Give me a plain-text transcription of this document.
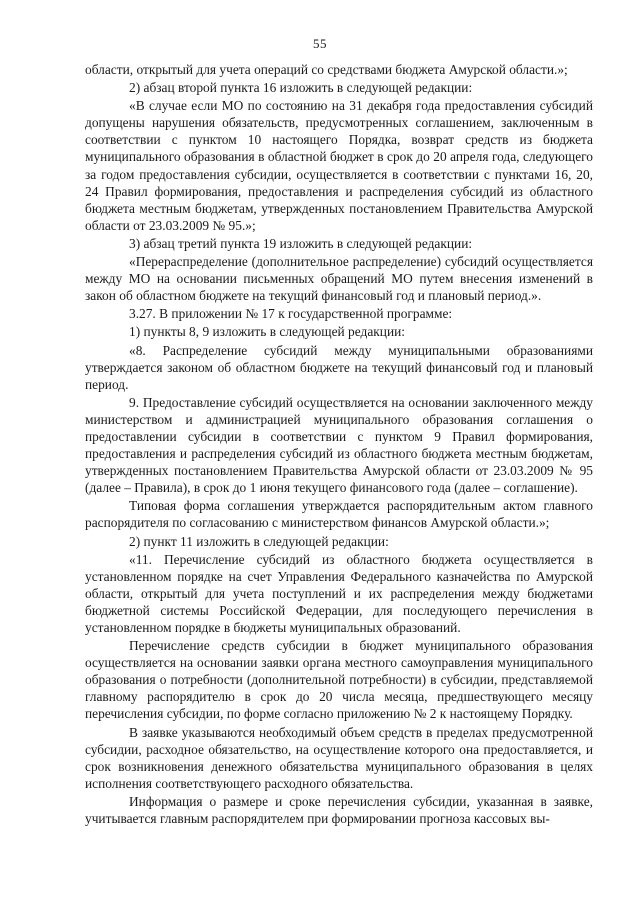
55

области, открытый для учета операций со средствами бюджета Амурской области.»;

2) абзац второй пункта 16 изложить в следующей редакции:

«В случае если МО по состоянию на 31 декабря года предоставления субсидий допущены нарушения обязательств, предусмотренных соглашением, заключенным в соответствии с пунктом 10 настоящего Порядка, возврат средств из бюджета муниципального образования в областной бюджет в срок до 20 апреля года, следующего за годом предоставления субсидии, осуществляется в соответствии с пунктами 16, 20, 24 Правил формирования, предоставления и распределения субсидий из областного бюджета местным бюджетам, утвержденных постановлением Правительства Амурской области от 23.03.2009 № 95.»;

3) абзац третий пункта 19 изложить в следующей редакции:

«Перераспределение (дополнительное распределение) субсидий осуществляется между МО на основании письменных обращений МО путем внесения изменений в закон об областном бюджете на текущий финансовый год и плановый период.».

3.27. В приложении № 17 к государственной программе:

1) пункты 8, 9 изложить в следующей редакции:

«8. Распределение субсидий между муниципальными образованиями утверждается законом об областном бюджете на текущий финансовый год и плановый период.

9. Предоставление субсидий осуществляется на основании заключенного между министерством и администрацией муниципального образования соглашения о предоставлении субсидии в соответствии с пунктом 9 Правил формирования, предоставления и распределения субсидий из областного бюджета местным бюджетам, утвержденных постановлением Правительства Амурской области от 23.03.2009 № 95 (далее – Правила), в срок до 1 июня текущего финансового года (далее – соглашение).

Типовая форма соглашения утверждается распорядительным актом главного распорядителя по согласованию с министерством финансов Амурской области.»;

2) пункт 11 изложить в следующей редакции:

«11. Перечисление субсидий из областного бюджета осуществляется в установленном порядке на счет Управления Федерального казначейства по Амурской области, открытый для учета поступлений и их распределения между бюджетами бюджетной системы Российской Федерации, для последующего перечисления в установленном порядке в бюджеты муниципальных образований.

Перечисление средств субсидии в бюджет муниципального образования осуществляется на основании заявки органа местного самоуправления муниципального образования о потребности (дополнительной потребности) в субсидии, представляемой главному распорядителю в срок до 20 числа месяца, предшествующего месяцу перечисления субсидии, по форме согласно приложению № 2 к настоящему Порядку.

В заявке указываются необходимый объем средств в пределах предусмотренной субсидии, расходное обязательство, на осуществление которого она предоставляется, и срок возникновения денежного обязательства муниципального образования в целях исполнения соответствующего расходного обязательства.

Информация о размере и сроке перечисления субсидии, указанная в заявке, учитывается главным распорядителем при формировании прогноза кассовых вы-
